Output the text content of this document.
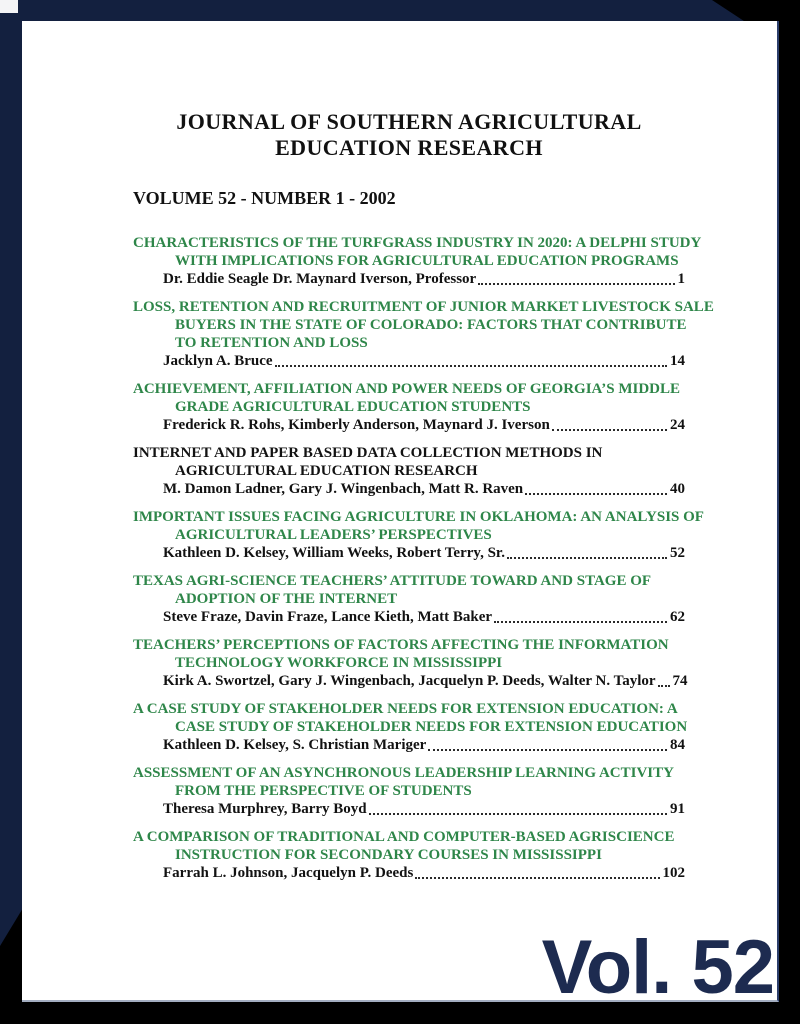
JOURNAL OF SOUTHERN AGRICULTURAL
EDUCATION RESEARCH
VOLUME 52 - NUMBER 1 - 2002
CHARACTERISTICS OF THE TURFGRASS INDUSTRY IN 2020: A DELPHI STUDY
WITH IMPLICATIONS FOR AGRICULTURAL EDUCATION PROGRAMS
Dr. Eddie Seagle Dr. Maynard Iverson, Professor	1
LOSS, RETENTION AND RECRUITMENT OF JUNIOR MARKET LIVESTOCK SALE
BUYERS IN THE STATE OF COLORADO: FACTORS THAT CONTRIBUTE
TO RETENTION AND LOSS
Jacklyn A. Bruce	14
ACHIEVEMENT, AFFILIATION AND POWER NEEDS OF GEORGIA’S MIDDLE
GRADE AGRICULTURAL EDUCATION STUDENTS
Frederick R. Rohs, Kimberly Anderson, Maynard J. Iverson	24
INTERNET AND PAPER BASED DATA COLLECTION METHODS IN
AGRICULTURAL EDUCATION RESEARCH
M. Damon Ladner, Gary J. Wingenbach, Matt R. Raven	40
IMPORTANT ISSUES FACING AGRICULTURE IN OKLAHOMA: AN ANALYSIS OF
AGRICULTURAL LEADERS’ PERSPECTIVES
Kathleen D. Kelsey, William Weeks, Robert Terry, Sr.	52
TEXAS AGRI-SCIENCE TEACHERS’ ATTITUDE TOWARD AND STAGE OF
ADOPTION OF THE INTERNET
Steve Fraze, Davin Fraze, Lance Kieth, Matt Baker	62
TEACHERS’ PERCEPTIONS OF FACTORS AFFECTING THE INFORMATION
TECHNOLOGY WORKFORCE IN MISSISSIPPI
Kirk A. Swortzel, Gary J. Wingenbach, Jacquelyn P. Deeds, Walter N. Taylor 74
A CASE STUDY OF STAKEHOLDER NEEDS FOR EXTENSION EDUCATION: A
CASE STUDY OF STAKEHOLDER NEEDS FOR EXTENSION EDUCATION
Kathleen D. Kelsey, S. Christian Mariger	84
ASSESSMENT OF AN ASYNCHRONOUS LEADERSHIP LEARNING ACTIVITY
FROM THE PERSPECTIVE OF STUDENTS
Theresa Murphrey, Barry Boyd	91
A COMPARISON OF TRADITIONAL AND COMPUTER-BASED AGRISCIENCE
INSTRUCTION FOR SECONDARY COURSES IN MISSISSIPPI
Farrah L. Johnson, Jacquelyn P. Deeds	102
Vol. 52
